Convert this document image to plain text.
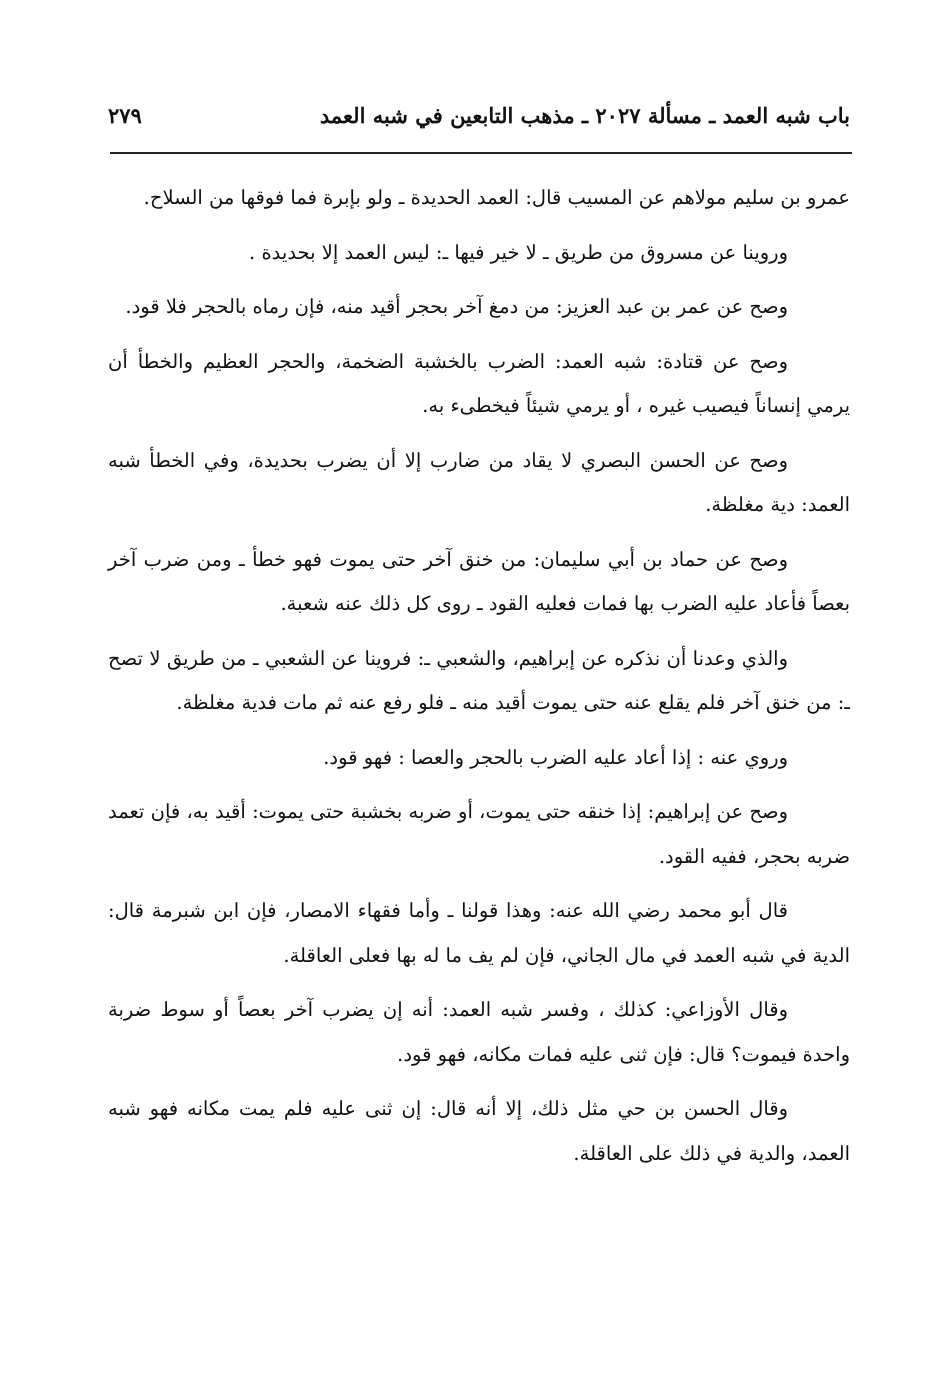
باب شبه العمد ـ مسألة ٢٠٢٧ ـ مذهب التابعين في شبه العمد
٢٧٩

عمرو بن سليم مولاهم عن المسيب قال: العمد الحديدة ـ ولو بإبرة فما فوقها من السلاح.

وروينا عن مسروق من طريق ـ لا خير فيها ـ: ليس العمد إلا بحديدة .

وصح عن عمر بن عبد العزيز: من دمغ آخر بحجر أقيد منه، فإن رماه بالحجر فلا قود.

وصح عن قتادة: شبه العمد: الضرب بالخشبة الضخمة، والحجر العظيم والخطأ أن يرمي إنساناً فيصيب غيره ، أو يرمي شيئاً فيخطىء به.

وصح عن الحسن البصري لا يقاد من ضارب إلا أن يضرب بحديدة، وفي الخطأ شبه العمد: دية مغلظة.

وصح عن حماد بن أبي سليمان: من خنق آخر حتى يموت فهو خطأ ـ ومن ضرب آخر بعصاً فأعاد عليه الضرب بها فمات فعليه القود ـ روى كل ذلك عنه شعبة.

والذي وعدنا أن نذكره عن إبراهيم، والشعبي ـ: فروينا عن الشعبي ـ من طريق لا تصح ـ: من خنق آخر فلم يقلع عنه حتى يموت أقيد منه ـ فلو رفع عنه ثم مات فدية مغلظة.

وروي عنه : إذا أعاد عليه الضرب بالحجر والعصا : فهو قود.

وصح عن إبراهيم: إذا خنقه حتى يموت، أو ضربه بخشبة حتى يموت: أقيد به، فإن تعمد ضربه بحجر، ففيه القود.

قال أبو محمد رضي الله عنه: وهذا قولنا ـ وأما فقهاء الامصار، فإن ابن شبرمة قال: الدية في شبه العمد في مال الجاني، فإن لم يف ما له بها فعلى العاقلة.

وقال الأوزاعي: كذلك ، وفسر شبه العمد: أنه إن يضرب آخر بعصاً أو سوط ضربة واحدة فيموت؟ قال: فإن ثنى عليه فمات مكانه، فهو قود.

وقال الحسن بن حي مثل ذلك، إلا أنه قال: إن ثنى عليه فلم يمت مكانه فهو شبه العمد، والدية في ذلك على العاقلة.
